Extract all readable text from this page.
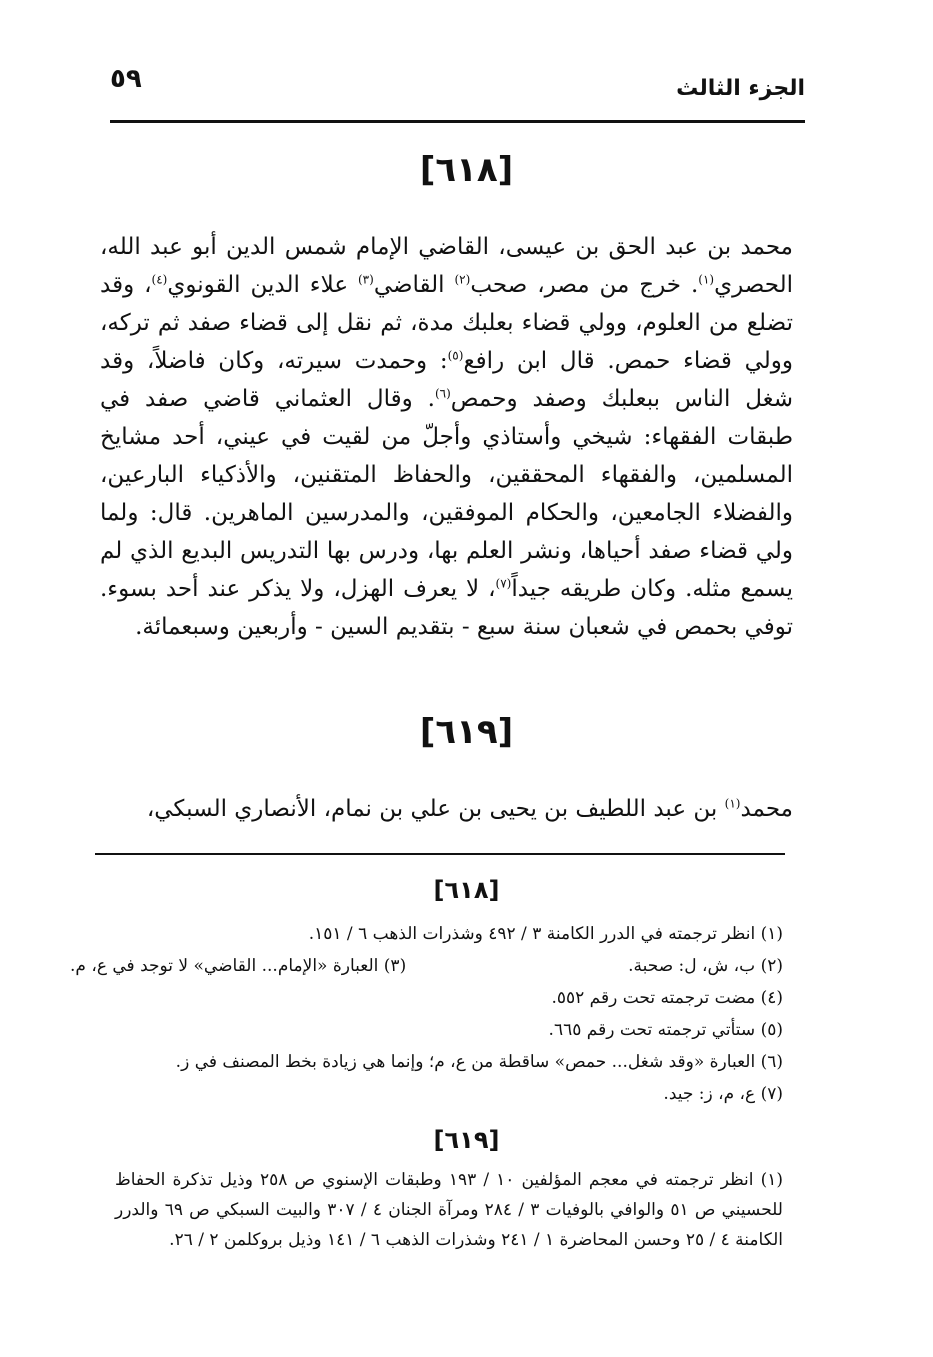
الجزء الثالث
٥٩
[٦١٨]

محمد بن عبد الحق بن عيسى، القاضي الإمام شمس الدين أبو عبد الله، الحصري$^{(١)}$. خرج من مصر، صحب$^{(٢)}$ القاضي$^{(٣)}$ علاء الدين القونوي$^{(٤)}$، وقد تضلع من العلوم، وولي قضاء بعلبك مدة، ثم نقل إلى قضاء صفد ثم تركه، وولي قضاء حمص. قال ابن رافع$^{(٥)}$: وحمدت سيرته، وكان فاضلاً، وقد شغل الناس ببعلبك وصفد وحمص$^{(٦)}$. وقال العثماني قاضي صفد في طبقات الفقهاء: شيخي وأستاذي وأجلّ من لقيت في عيني، أحد مشايخ المسلمين، والفقهاء المحققين، والحفاظ المتقنين، والأذكياء البارعين، والفضلاء الجامعين، والحكام الموفقين، والمدرسين الماهرين. قال: ولما ولي قضاء صفد أحياها، ونشر العلم بها، ودرس بها التدريس البديع الذي لم يسمع مثله. وكان طريقه جيداً$^{(٧)}$، لا يعرف الهزل، ولا يذكر عند أحد بسوء. توفي بحمص في شعبان سنة سبع - بتقديم السين - وأربعين وسبعمائة.

[٦١٩]

محمد$^{(١)}$ بن عبد اللطيف بن يحيى بن علي بن نمام، الأنصاري السبكي،

[٦١٨]
(١) انظر ترجمته في الدرر الكامنة ٣ / ٤٩٢ وشذرات الذهب ٦ / ١٥١.
(٢) ب، ش، ل: صحبة.
(٣) العبارة «الإمام... القاضي» لا توجد في ع، م.
(٤) مضت ترجمته تحت رقم ٥٥٢.
(٥) ستأتي ترجمته تحت رقم ٦٦٥.
(٦) العبارة «وقد شغل... حمص» ساقطة من ع، م؛ وإنما هي زيادة بخط المصنف في ز.
(٧) ع، م، ز: جيد.
[٦١٩]
(١) انظر ترجمته في معجم المؤلفين ١٠ / ١٩٣ وطبقات الإسنوي ص ٢٥٨ وذيل تذكرة الحفاظ للحسيني ص ٥١ والوافي بالوفيات ٣ / ٢٨٤ ومرآة الجنان ٤ / ٣٠٧ والبيت السبكي ص ٦٩ والدرر الكامنة ٤ / ٢٥ وحسن المحاضرة ١ / ٢٤١ وشذرات الذهب ٦ / ١٤١ وذيل بروكلمن ٢ / ٢٦.
